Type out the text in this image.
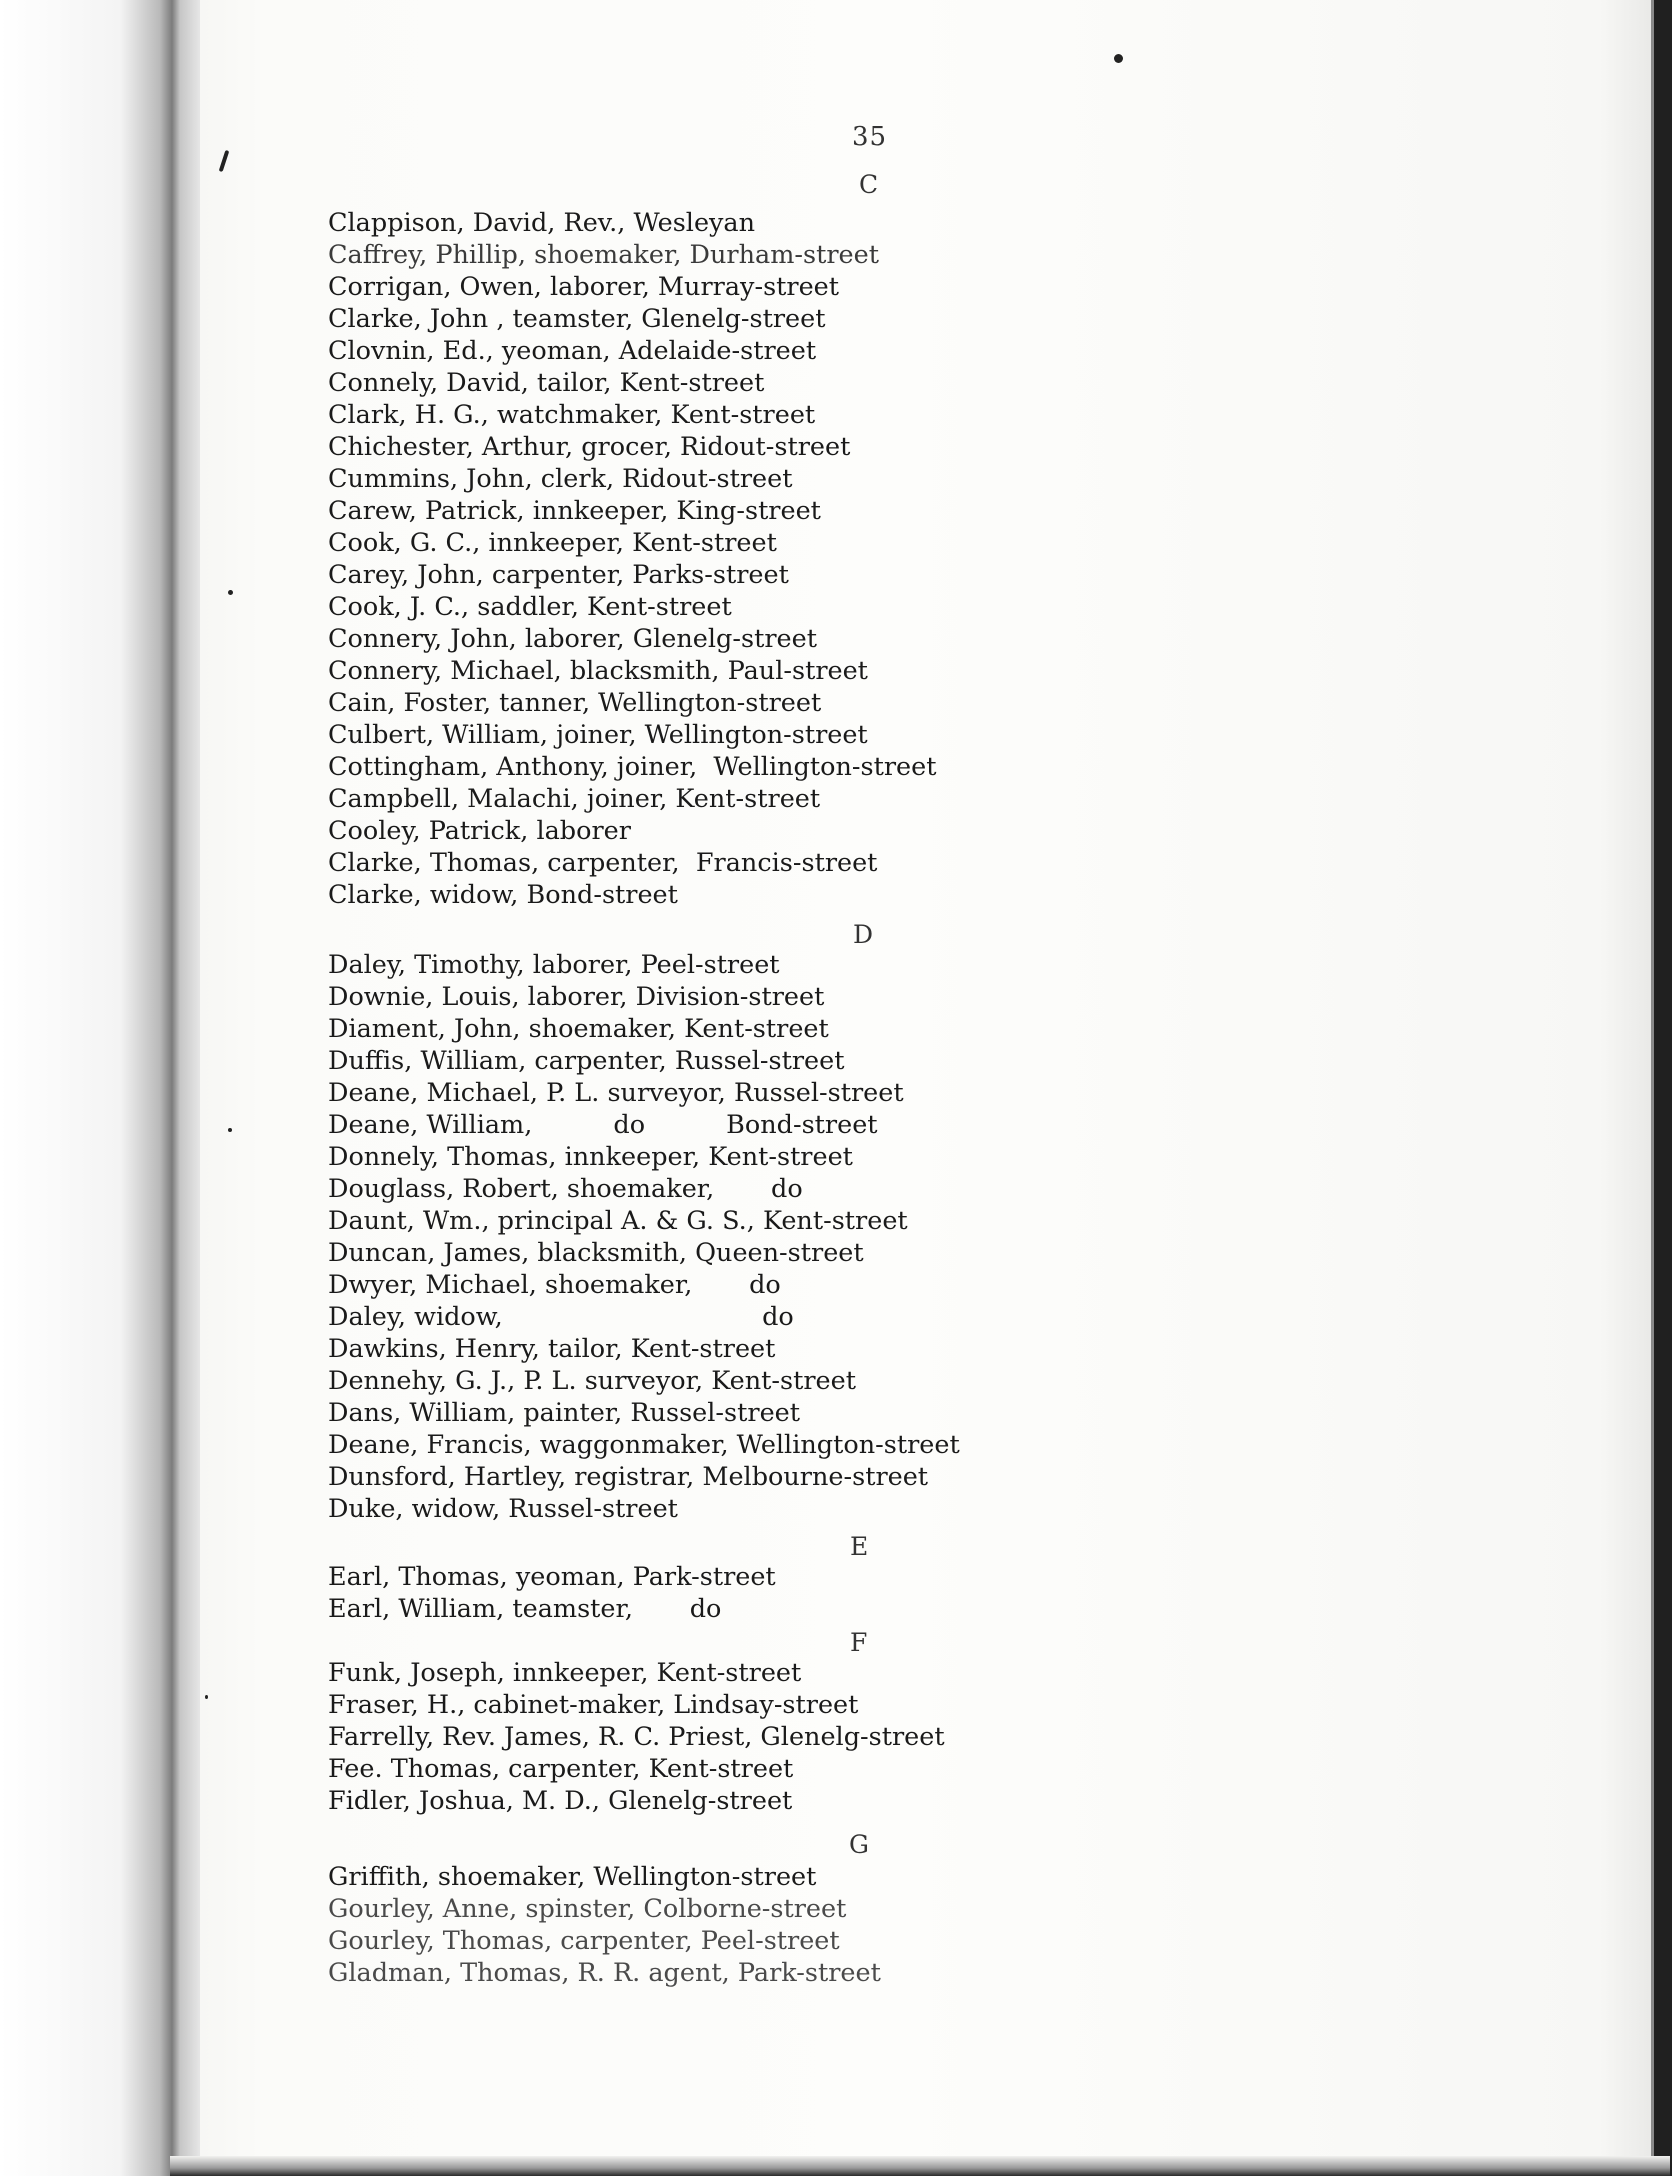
35
C
Clappison, David, Rev., Wesleyan
Caffrey, Phillip, shoemaker, Durham-street
Corrigan, Owen, laborer, Murray-street
Clarke, John , teamster, Glenelg-street
Clovnin, Ed., yeoman, Adelaide-street
Connely, David, tailor, Kent-street
Clark, H. G., watchmaker, Kent-street
Chichester, Arthur, grocer, Ridout-street
Cummins, John, clerk, Ridout-street
Carew, Patrick, innkeeper, King-street
Cook, G. C., innkeeper, Kent-street
Carey, John, carpenter, Parks-street
Cook, J. C., saddler, Kent-street
Connery, John, laborer, Glenelg-street
Connery, Michael, blacksmith, Paul-street
Cain, Foster, tanner, Wellington-street
Culbert, William, joiner, Wellington-street
Cottingham, Anthony, joiner,  Wellington-street
Campbell, Malachi, joiner, Kent-street
Cooley, Patrick, laborer
Clarke, Thomas, carpenter,  Francis-street
Clarke, widow, Bond-street
D
Daley, Timothy, laborer, Peel-street
Downie, Louis, laborer, Division-street
Diament, John, shoemaker, Kent-street
Duffis, William, carpenter, Russel-street
Deane, Michael, P. L. surveyor, Russel-street
Deane, William,          do          Bond-street
Donnely, Thomas, innkeeper, Kent-street
Douglass, Robert, shoemaker,       do
Daunt, Wm., principal A. & G. S., Kent-street
Duncan, James, blacksmith, Queen-street
Dwyer, Michael, shoemaker,       do
Daley, widow,                                do
Dawkins, Henry, tailor, Kent-street
Dennehy, G. J., P. L. surveyor, Kent-street
Dans, William, painter, Russel-street
Deane, Francis, waggonmaker, Wellington-street
Dunsford, Hartley, registrar, Melbourne-street
Duke, widow, Russel-street
E
Earl, Thomas, yeoman, Park-street
Earl, William, teamster,       do
F
Funk, Joseph, innkeeper, Kent-street
Fraser, H., cabinet-maker, Lindsay-street
Farrelly, Rev. James, R. C. Priest, Glenelg-street
Fee. Thomas, carpenter, Kent-street
Fidler, Joshua, M. D., Glenelg-street
G
Griffith, shoemaker, Wellington-street
Gourley, Anne, spinster, Colborne-street
Gourley, Thomas, carpenter, Peel-street
Gladman, Thomas, R. R. agent, Park-street
